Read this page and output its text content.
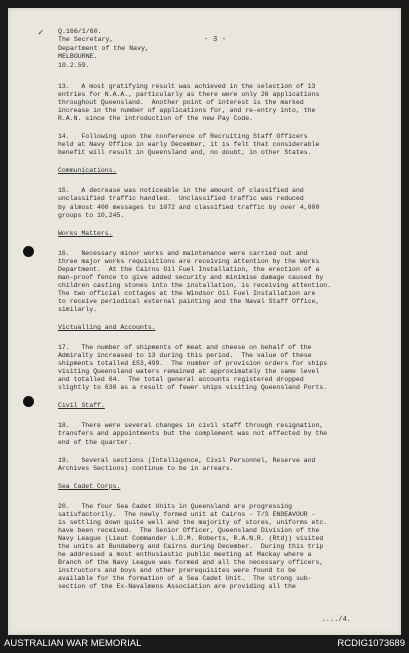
✓ Q.166/1/60.
The Secretary,
Department of the Navy,
MELBOURNE.
10.2.59.
- 3 -
13.   A most gratifying result was achieved in the selection of 13
entries for N.A.A., particularly as there were only 26 applications
throughout Queensland.  Another point of interest is the marked
increase in the number of applications for, and re-entry into, the
R.A.N. since the introduction of the new Pay Code.
14.   Following upon the conference of Recruiting Staff Officers
held at Navy Office in early December, it is felt that considerable
benefit will result in Queensland and, no doubt, in other States.
Communications.
15.   A decrease was noticeable in the amount of classified and
unclassified traffic handled.  Unclassified traffic was reduced
by almost 400 messages to 1072 and classified traffic by over 4,000
groups to 10,245.
Works Matters.
16.   Necessary minor works and maintenance were carried out and
three major works requisitions are receiving attention by the Works
Department.  At the Cairns Oil Fuel Installation, the erection of a
man-proof fence to give added security and minimise damage caused by
children casting stones into the installation, is receiving attention.
The two official cottages at the Windsor Oil Fuel Installation are
to receive periodical external painting and the Naval Staff Office,
similarly.
Victualling and Accounts.
17.   The number of shipments of meat and cheese on behalf of the
Admiralty increased to 13 during this period.  The value of these
shipments totalled £53,499.  The number of provision orders for ships
visiting Queensland waters remained at approximately the same level
and totalled 64.  The total general accounts registered dropped
slightly to 630 as a result of fewer ships visiting Queensland Ports.
Civil Staff.
18.   There were several changes in civil staff through resignation,
transfers and appointments but the complement was not effected by the
end of the quarter.
19.   Several sections (Intelligence, Civil Personnel, Reserve and
Archives Sections) continue to be in arrears.
Sea Cadet Corps.
20.   The four Sea Cadet Units in Queensland are progressing
satisfactorily.  The newly formed unit at Cairns - T/S ENDEAVOUR -
is settling down quite well and the majority of stores, uniforms etc.
have been received.  The Senior Officer, Queensland Division of the
Navy League (Lieut Commander L.D.M. Roberts, R.A.N.R. (Rtd)) visited
the units at Bundaberg and Cairns during December.  During this trip
he addressed a most enthusiastic public meeting at Mackay where a
Branch of the Navy League was formed and all the necessary officers,
instructors and boys and other prerequisites were found to be
available for the formation of a Sea Cadet Unit.  The strong sub-
section of the Ex-Navalmens Association are providing all the
..../4.
AUSTRALIAN WAR MEMORIAL	RCDIG1073689
